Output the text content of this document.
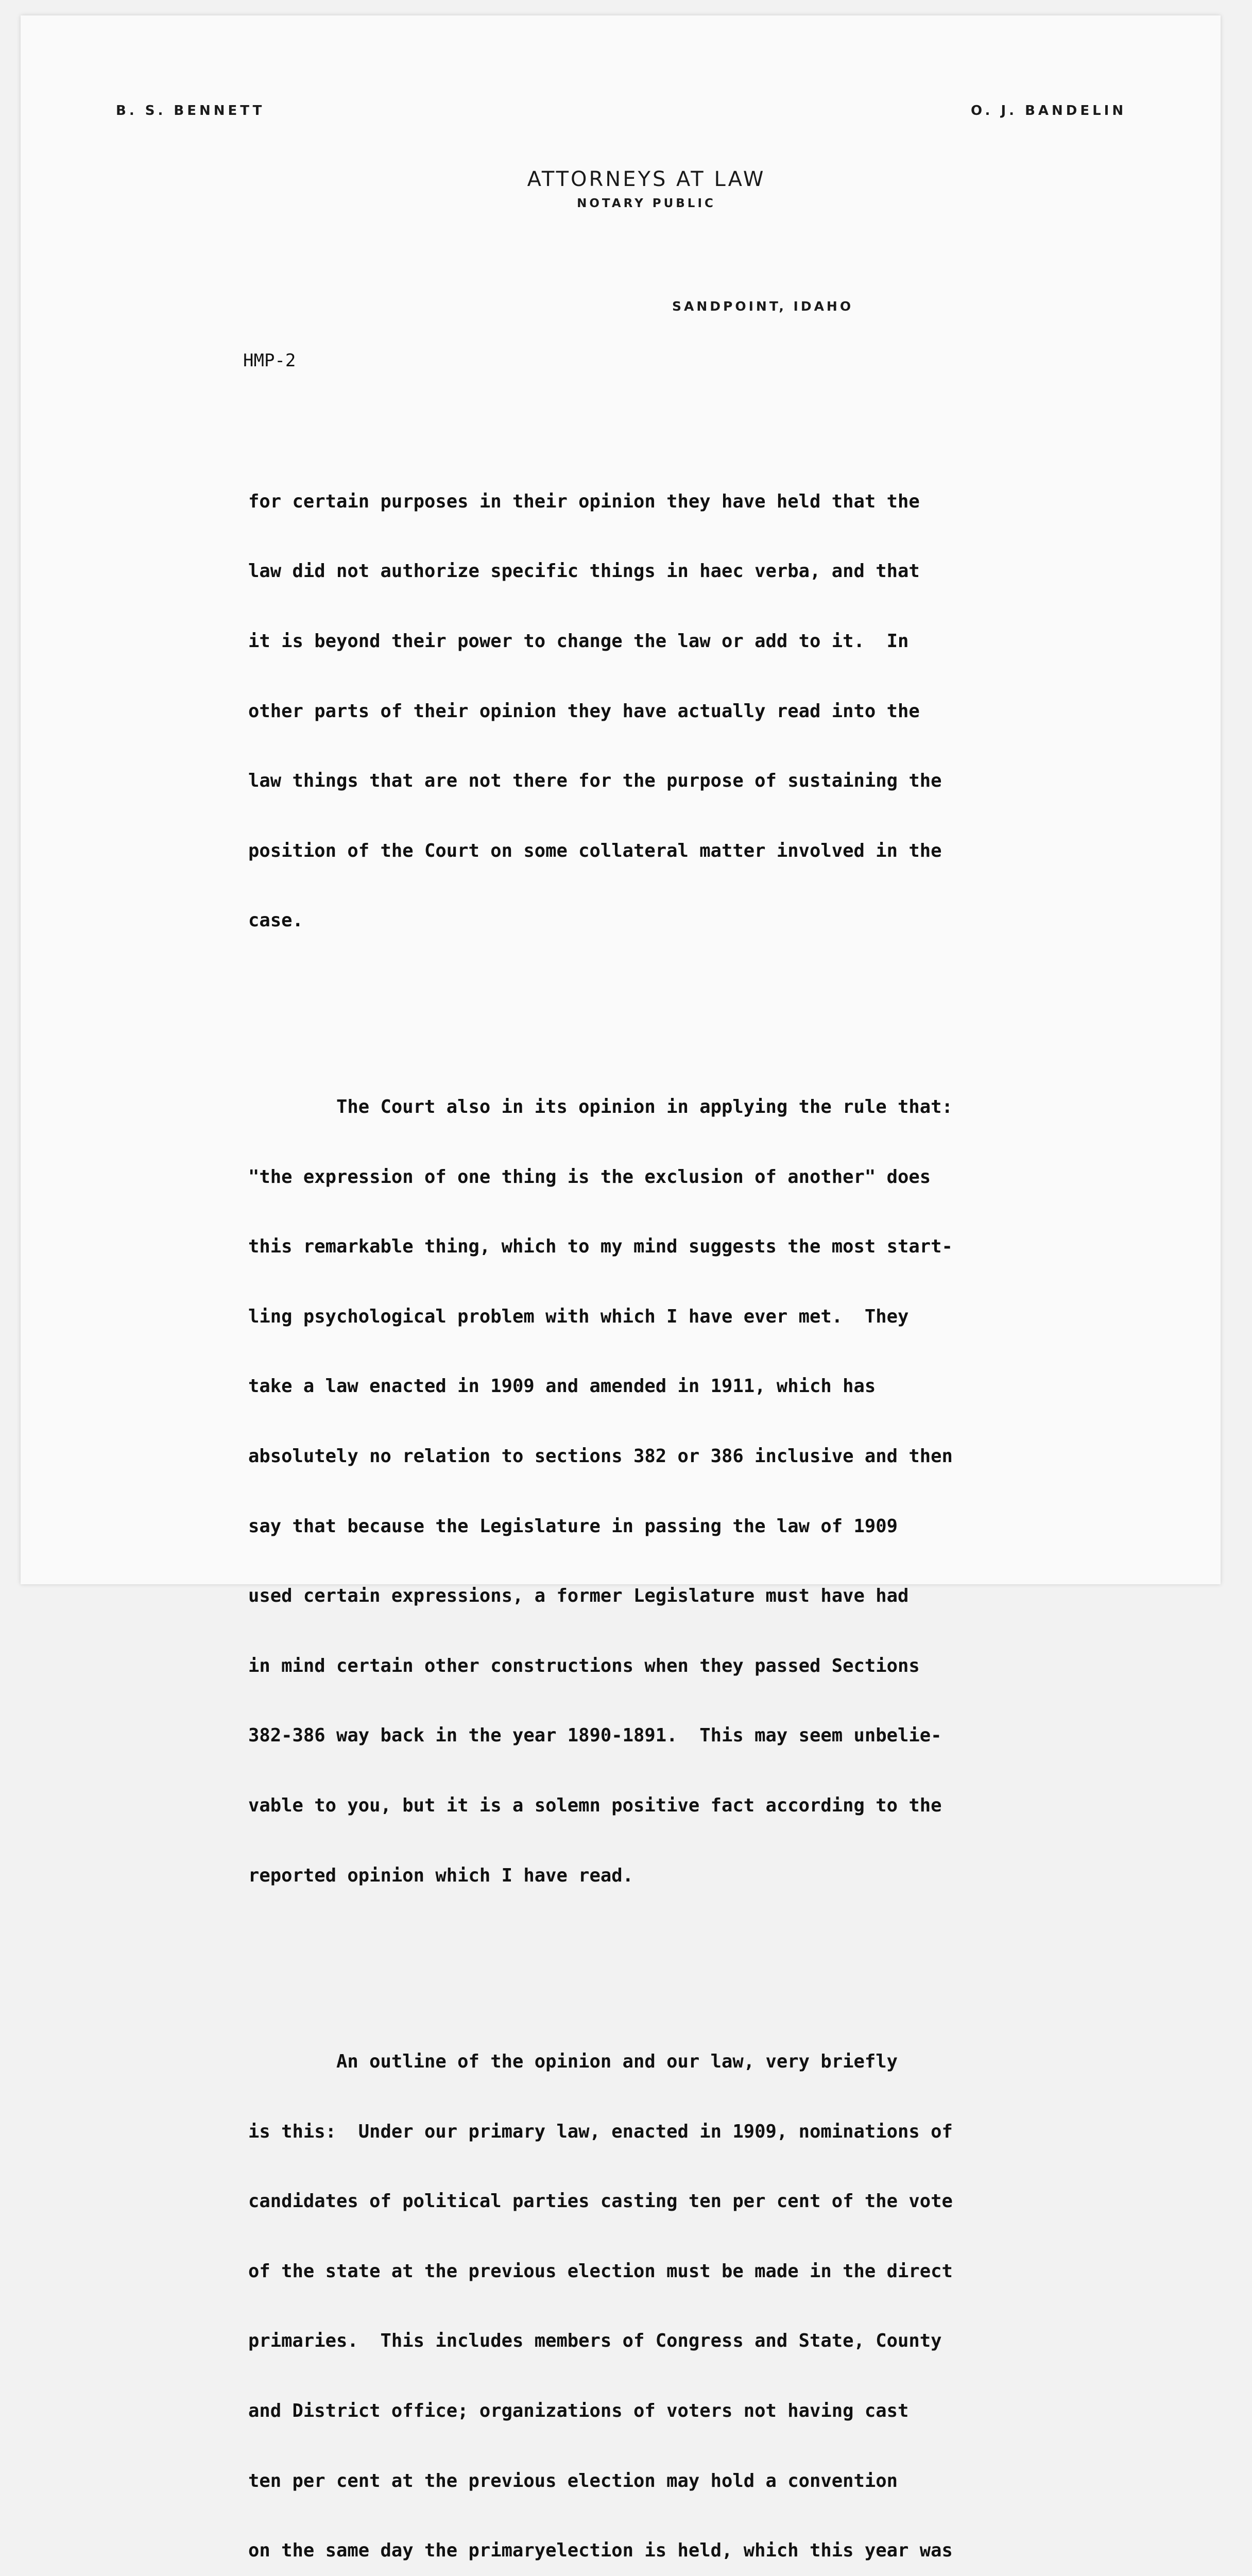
B. S. BENNETT	O. J. BANDELIN
ATTORNEYS AT LAW
NOTARY PUBLIC
SANDPOINT, IDAHO
HMP-2

for certain purposes in their opinion they have held that the

law did not authorize specific things in haec verba, and that

it is beyond their power to change the law or add to it.  In

other parts of their opinion they have actually read into the

law things that are not there for the purpose of sustaining the

position of the Court on some collateral matter involved in the

case.

The Court also in its opinion in applying the rule that:

"the expression of one thing is the exclusion of another" does

this remarkable thing, which to my mind suggests the most start-

ling psychological problem with which I have ever met.  They

take a law enacted in 1909 and amended in 1911, which has

absolutely no relation to sections 382 or 386 inclusive and then

say that because the Legislature in passing the law of 1909

used certain expressions, a former Legislature must have had

in mind certain other constructions when they passed Sections

382-386 way back in the year 1890-1891.  This may seem unbelie-

vable to you, but it is a solemn positive fact according to the

reported opinion which I have read.

An outline of the opinion and our law, very briefly

is this:  Under our primary law, enacted in 1909, nominations of

candidates of political parties casting ten per cent of the vote

of the state at the previous election must be made in the direct

primaries.  This includes members of Congress and State, County

and District office; organizations of voters not having cast

ten per cent at the previous election may hold a convention

on the same day the primaryelection is held, which this year was
